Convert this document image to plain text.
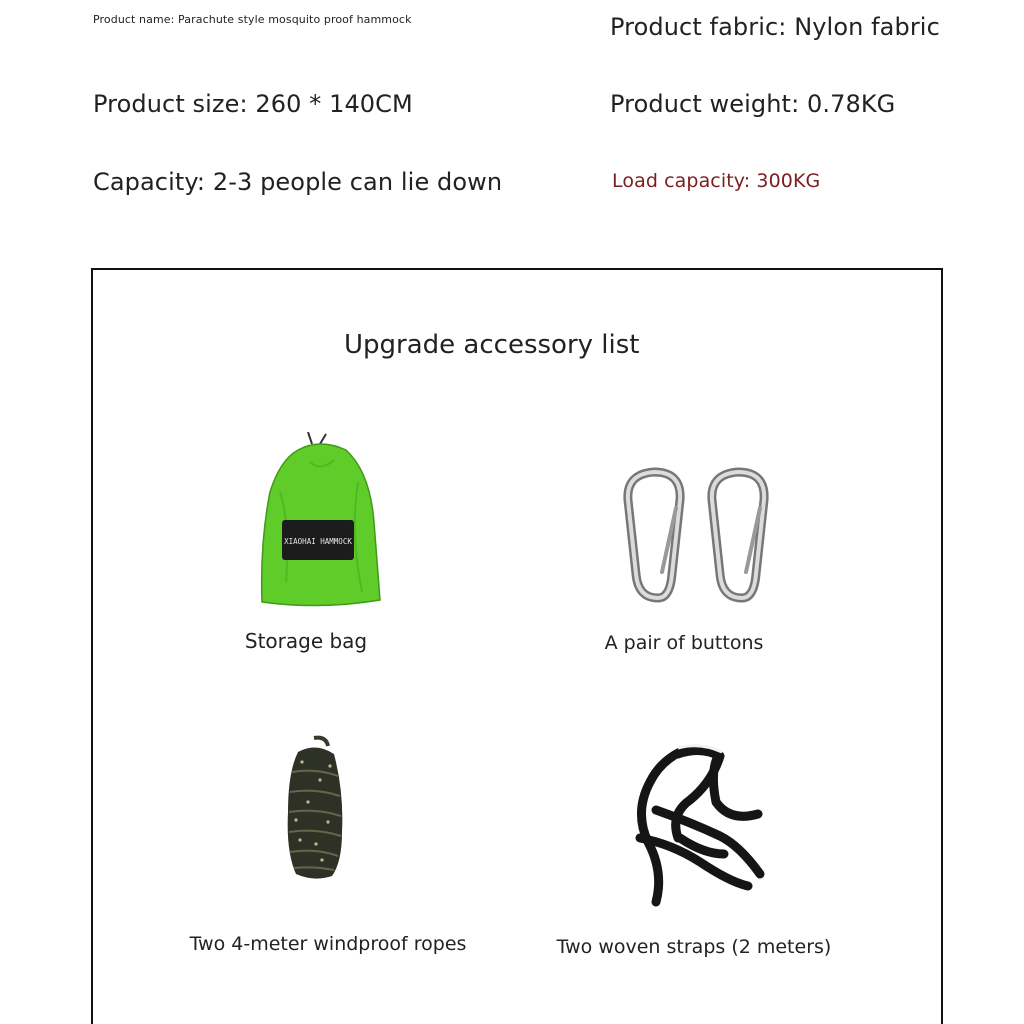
Product name: Parachute style mosquito proof hammock	Product fabric: Nylon fabric
Product size: 260 * 140CM	Product weight: 0.78KG
Capacity: 2-3 people can lie down	Load capacity: 300KG
Upgrade accessory list
XIAOHAI HAMMOCK
Storage bag	A pair of buttons
Two 4-meter windproof ropes	Two woven straps (2 meters)
